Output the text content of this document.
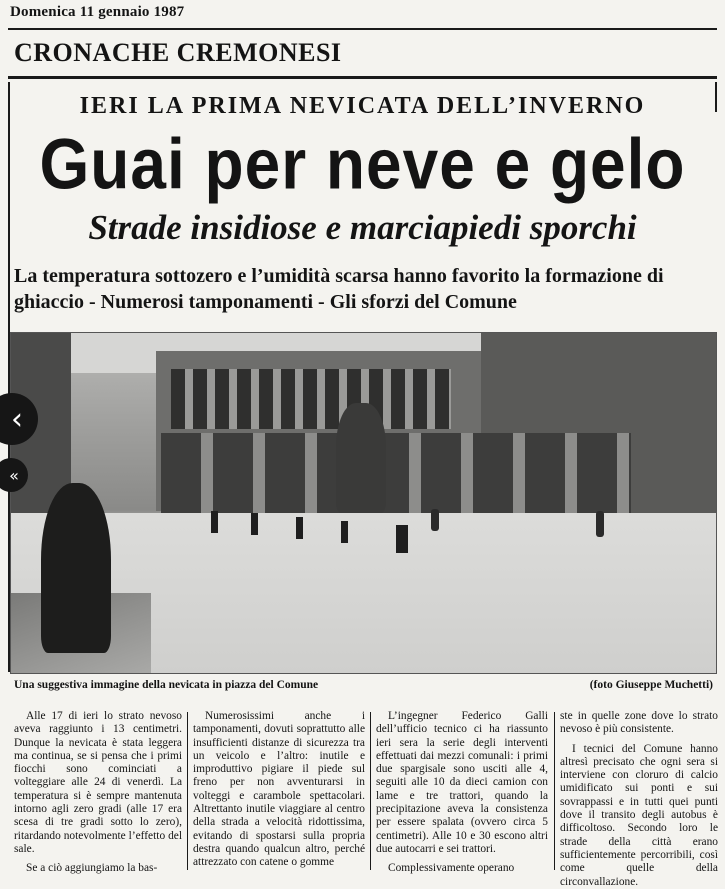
Domenica 11 gennaio 1987
CRONACHE CREMONESI
IERI LA PRIMA NEVICATA DELL’INVERNO
Guai per neve e gelo
Strade insidiose e marciapiedi sporchi
La temperatura sottozero e l’umidità scarsa hanno favorito la formazione di ghiaccio - Numerosi tamponamenti - Gli sforzi del Comune
‹
«
Una suggestiva immagine della nevicata in piazza del Comune	(foto Giuseppe Muchetti)

Alle 17 di ieri lo strato nevoso aveva raggiunto i 13 centimetri. Dunque la nevicata è stata leggera ma continua, se si pensa che i primi fiocchi sono cominciati a volteggiare alle 24 di venerdì. La temperatura si è sempre mantenuta intorno agli zero gradi (alle 17 era scesa di tre gradi sotto lo zero), ritardando notevolmente l’effetto del sale.

Se a ciò aggiungiamo la bas-

Numerosissimi anche i tamponamenti, dovuti soprattutto alle insufficienti distanze di sicurezza tra un veicolo e l’altro: inutile e improduttivo pigiare il piede sul freno per non avventurarsi in volteggi e carambole spettacolari. Altrettanto inutile viaggiare al centro della strada a velocità ridottissima, evitando di spostarsi sulla propria destra quando qualcun altro, perché attrezzato con catene o gomme

L’ingegner Federico Galli dell’ufficio tecnico ci ha riassunto ieri sera la serie degli interventi effettuati dai mezzi comunali: i primi due spargisale sono usciti alle 4, seguiti alle 10 da dieci camion con lame e tre trattori, quando la precipitazione aveva la consistenza per essere spalata (ovvero circa 5 centimetri). Alle 10 e 30 escono altri due autocarri e sei trattori.

Complessivamente operano

ste in quelle zone dove lo strato nevoso è più consistente.

I tecnici del Comune hanno altresì precisato che ogni sera si interviene con cloruro di calcio umidificato sui ponti e sui sovrappassi e in tutti quei punti dove il transito degli autobus è difficoltoso. Secondo loro le strade della città erano sufficientemente percorribili, così come quelle della circonvallazione.
